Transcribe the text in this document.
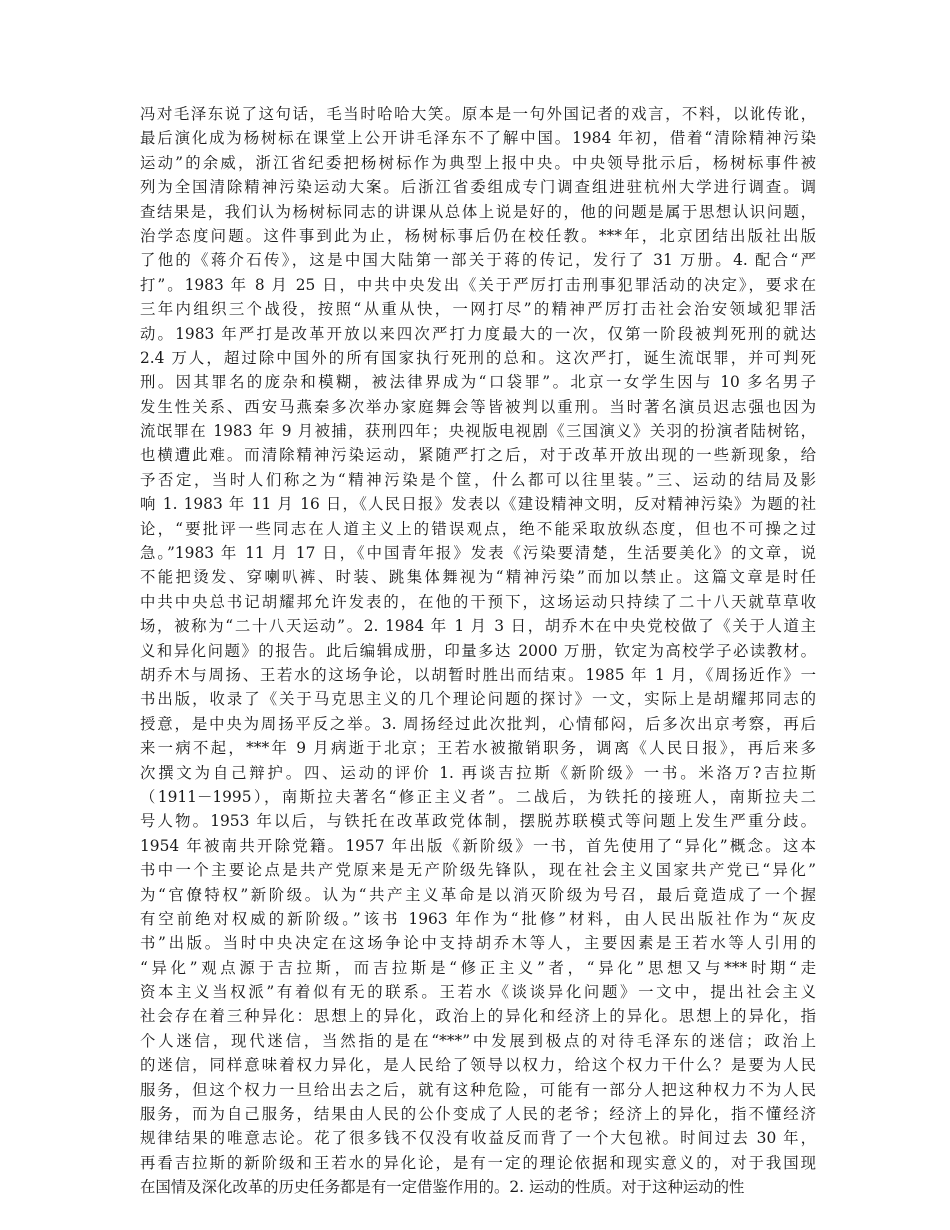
冯对毛泽东说了这句话，毛当时哈哈大笑。原本是一句外国记者的戏言，不料，以讹传讹，
最后演化成为杨树标在课堂上公开讲毛泽东不了解中国。1984 年初，借着“清除精神污染
运动”的余威，浙江省纪委把杨树标作为典型上报中央。中央领导批示后，杨树标事件被
列为全国清除精神污染运动大案。后浙江省委组成专门调查组进驻杭州大学进行调查。调
查结果是，我们认为杨树标同志的讲课从总体上说是好的，他的问题是属于思想认识问题，
治学态度问题。这件事到此为止，杨树标事后仍在校任教。***年，北京团结出版社出版
了他的《蒋介石传》，这是中国大陆第一部关于蒋的传记，发行了 31 万册。4. 配合“严
打”。1983 年 8 月 25 日，中共中央发出《关于严厉打击刑事犯罪活动的决定》，要求在
三年内组织三个战役，按照“从重从快，一网打尽”的精神严厉打击社会治安领域犯罪活
动。1983 年严打是改革开放以来四次严打力度最大的一次，仅第一阶段被判死刑的就达
2.4 万人，超过除中国外的所有国家执行死刑的总和。这次严打，诞生流氓罪，并可判死
刑。因其罪名的庞杂和模糊，被法律界成为“口袋罪”。北京一女学生因与 10 多名男子
发生性关系、西安马燕秦多次举办家庭舞会等皆被判以重刑。当时著名演员迟志强也因为
流氓罪在 1983 年 9 月被捕，获刑四年；央视版电视剧《三国演义》关羽的扮演者陆树铭，
也横遭此难。而清除精神污染运动，紧随严打之后，对于改革开放出现的一些新现象，给
予否定，当时人们称之为“精神污染是个筐，什么都可以往里装。”三、运动的结局及影
响 1. 1983 年 11 月 16 日，《人民日报》发表以《建设精神文明，反对精神污染》为题的社
论，“要批评一些同志在人道主义上的错误观点，绝不能采取放纵态度，但也不可操之过
急。”1983 年 11 月 17 日，《中国青年报》发表《污染要清楚，生活要美化》的文章，说
不能把烫发、穿喇叭裤、时装、跳集体舞视为“精神污染”而加以禁止。这篇文章是时任
中共中央总书记胡耀邦允许发表的，在他的干预下，这场运动只持续了二十八天就草草收
场，被称为“二十八天运动”。2. 1984 年 1 月 3 日，胡乔木在中央党校做了《关于人道主
义和异化问题》的报告。此后编辑成册，印量多达 2000 万册，钦定为高校学子必读教材。
胡乔木与周扬、王若水的这场争论，以胡暂时胜出而结束。1985 年 1 月，《周扬近作》一
书出版，收录了《关于马克思主义的几个理论问题的探讨》一文，实际上是胡耀邦同志的
授意，是中央为周扬平反之举。3. 周扬经过此次批判，心情郁闷，后多次出京考察，再后
来一病不起，***年 9 月病逝于北京；王若水被撤销职务，调离《人民日报》，再后来多
次撰文为自己辩护。四、运动的评价 1. 再谈吉拉斯《新阶级》一书。米洛万?吉拉斯
（1911－1995），南斯拉夫著名“修正主义者”。二战后，为铁托的接班人，南斯拉夫二
号人物。1953 年以后，与铁托在改革政党体制，摆脱苏联模式等问题上发生严重分歧。
1954 年被南共开除党籍。1957 年出版《新阶级》一书，首先使用了“异化”概念。这本
书中一个主要论点是共产党原来是无产阶级先锋队，现在社会主义国家共产党已“异化”
为“官僚特权”新阶级。认为“共产主义革命是以消灭阶级为号召，最后竟造成了一个握
有空前绝对权威的新阶级。”该书 1963 年作为“批修”材料，由人民出版社作为“灰皮
书”出版。当时中央决定在这场争论中支持胡乔木等人，主要因素是王若水等人引用的
“异化”观点源于吉拉斯，而吉拉斯是“修正主义”者，“异化”思想又与***时期“走
资本主义当权派”有着似有无的联系。王若水《谈谈异化问题》一文中，提出社会主义
社会存在着三种异化：思想上的异化，政治上的异化和经济上的异化。思想上的异化，指
个人迷信，现代迷信，当然指的是在“***”中发展到极点的对待毛泽东的迷信；政治上
的迷信，同样意味着权力异化，是人民给了领导以权力，给这个权力干什么？是要为人民
服务，但这个权力一旦给出去之后，就有这种危险，可能有一部分人把这种权力不为人民
服务，而为自己服务，结果由人民的公仆变成了人民的老爷；经济上的异化，指不懂经济
规律结果的唯意志论。花了很多钱不仅没有收益反而背了一个大包袱。时间过去 30 年，
再看吉拉斯的新阶级和王若水的异化论，是有一定的理论依据和现实意义的，对于我国现
在国情及深化改革的历史任务都是有一定借鉴作用的。2. 运动的性质。对于这种运动的性
